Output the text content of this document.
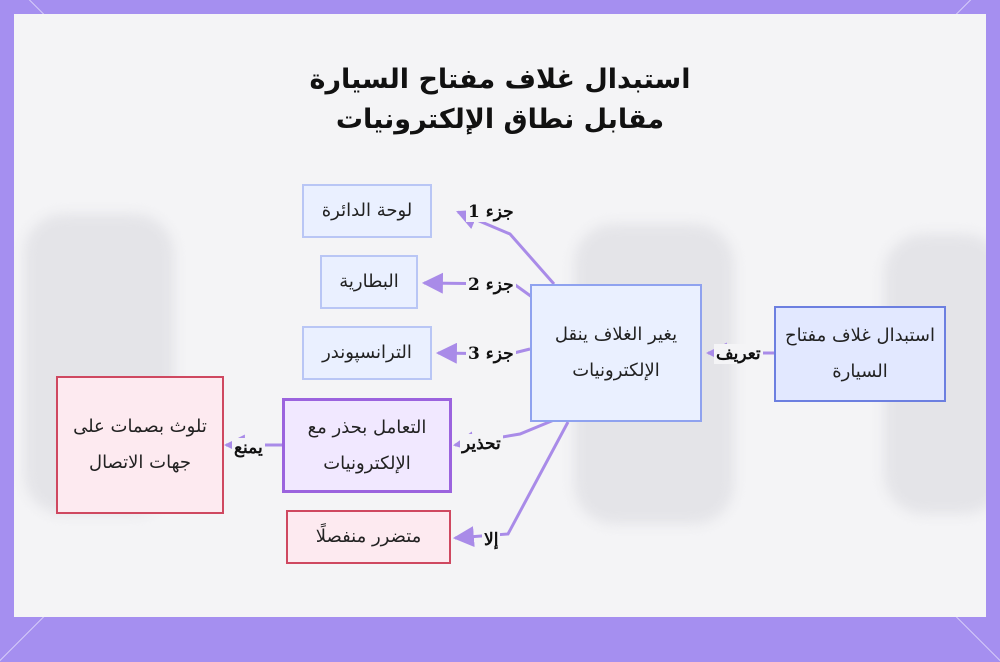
استبدال غلاف مفتاح السيارة
مقابل نطاق الإلكترونيات
استبدال غلاف مفتاح السيارة
يغير الغلاف ينقل الإلكترونيات
لوحة الدائرة
البطارية
الترانسپوندر
التعامل بحذر مع الإلكترونيات
تلوث بصمات على جهات الاتصال
متضرر منفصلًا
تعريف
جزء 1
جزء 2
جزء 3
تحذير
يمنع
إلا
